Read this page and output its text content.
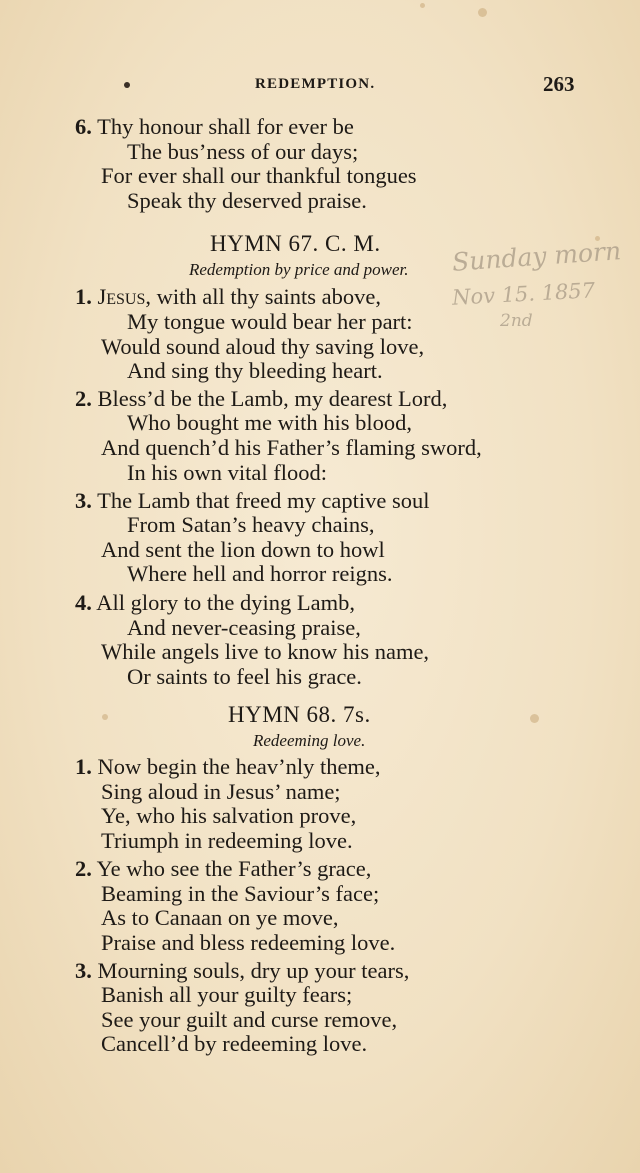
Sunday morn
Nov 15. 1857
2nd
REDEMPTION.	263
6. Thy honour shall for ever be
The bus’ness of our days;
For ever shall our thankful tongues
Speak thy deserved praise.
HYMN 67. C. M.
Redemption by price and power.
1. Jesus, with all thy saints above,
My tongue would bear her part:
Would sound aloud thy saving love,
And sing thy bleeding heart.
2. Bless’d be the Lamb, my dearest Lord,
Who bought me with his blood,
And quench’d his Father’s flaming sword,
In his own vital flood:
3. The Lamb that freed my captive soul
From Satan’s heavy chains,
And sent the lion down to howl
Where hell and horror reigns.
4. All glory to the dying Lamb,
And never-ceasing praise,
While angels live to know his name,
Or saints to feel his grace.
HYMN 68. 7s.
Redeeming love.
1. Now begin the heav’nly theme,
Sing aloud in Jesus’ name;
Ye, who his salvation prove,
Triumph in redeeming love.
2. Ye who see the Father’s grace,
Beaming in the Saviour’s face;
As to Canaan on ye move,
Praise and bless redeeming love.
3. Mourning souls, dry up your tears,
Banish all your guilty fears;
See your guilt and curse remove,
Cancell’d by redeeming love.
